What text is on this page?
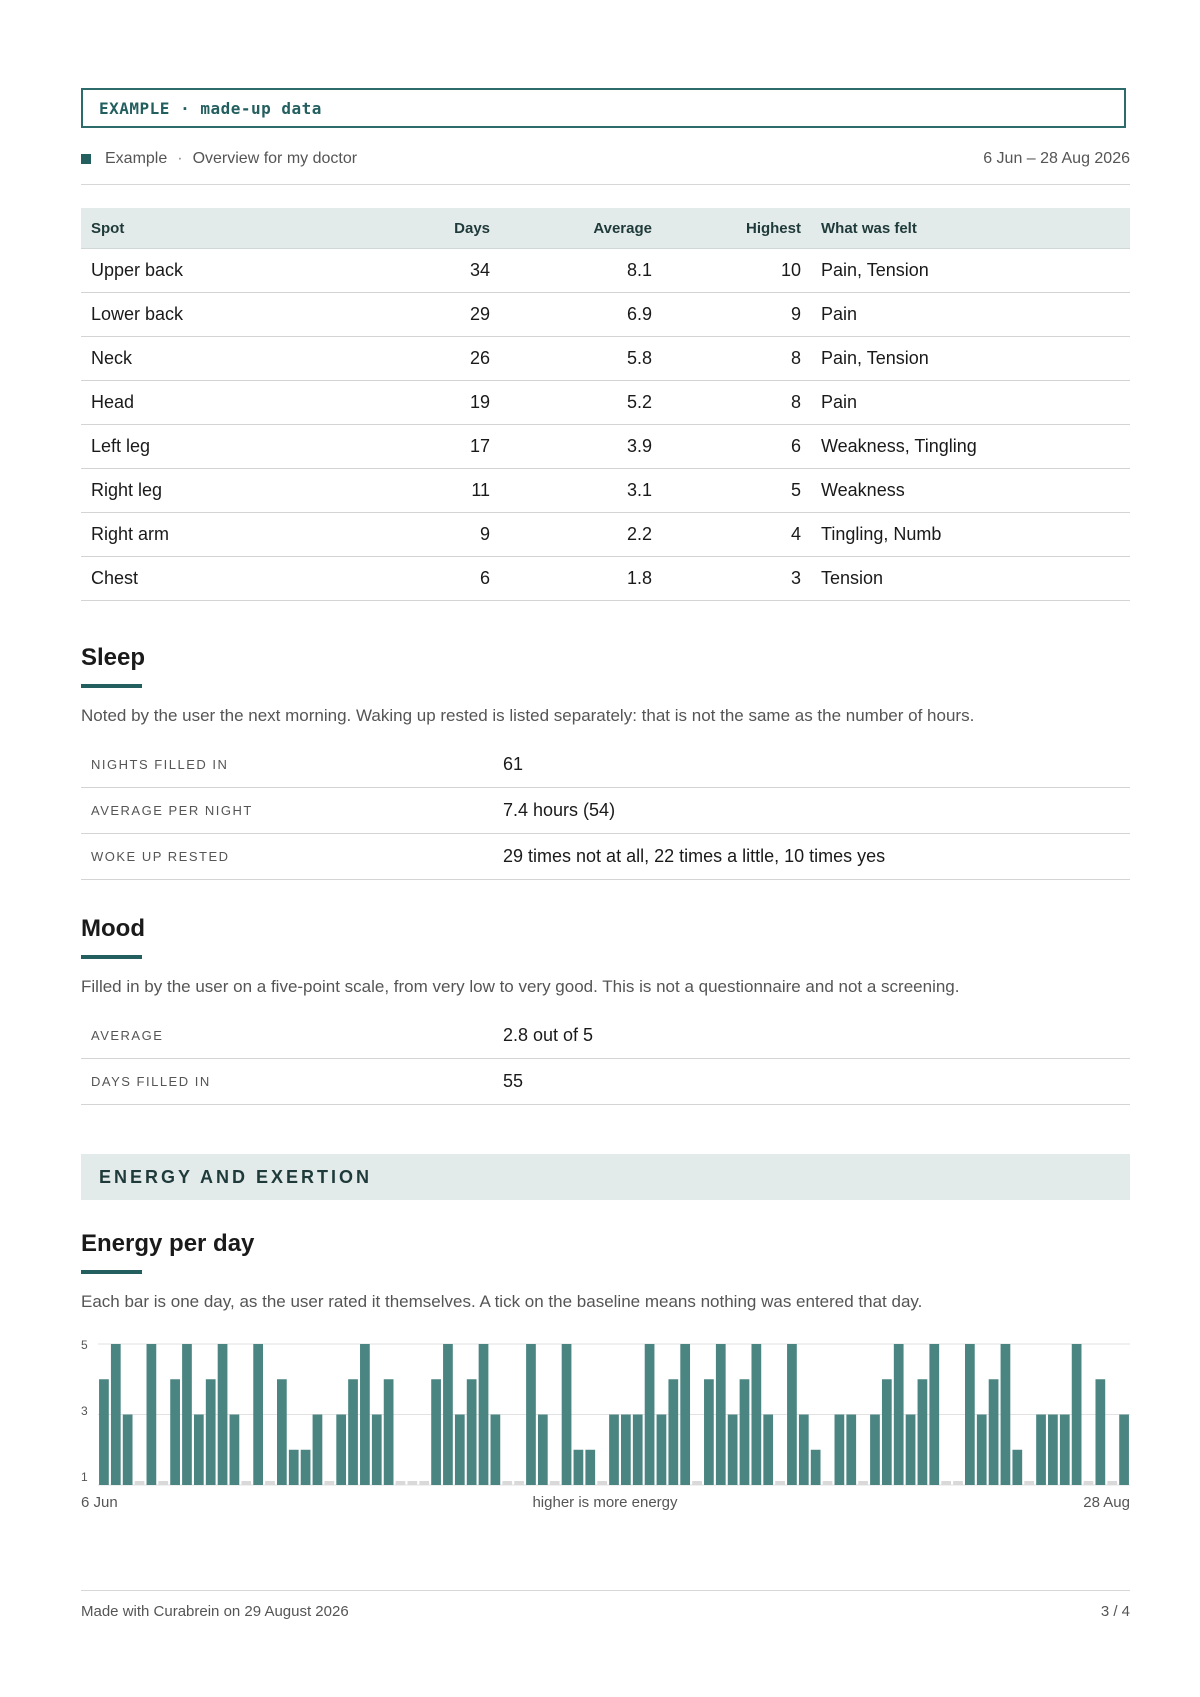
EXAMPLE · made-up data
Example · Overview for my doctor	6 Jun – 28 Aug 2026
Spot	Days	Average	Highest	What was felt
Upper back	34	8.1	10	Pain, Tension
Lower back	29	6.9	9	Pain
Neck	26	5.8	8	Pain, Tension
Head	19	5.2	8	Pain
Left leg	17	3.9	6	Weakness, Tingling
Right leg	11	3.1	5	Weakness
Right arm	9	2.2	4	Tingling, Numb
Chest	6	1.8	3	Tension
Sleep
Noted by the user the next morning. Waking up rested is listed separately: that is not the same as the number of hours.
NIGHTS FILLED IN	61
AVERAGE PER NIGHT	7.4 hours (54)
WOKE UP RESTED	29 times not at all, 22 times a little, 10 times yes
Mood
Filled in by the user on a five-point scale, from very low to very good. This is not a questionnaire and not a screening.
AVERAGE	2.8 out of 5
DAYS FILLED IN	55
ENERGY AND EXERTION
Energy per day
Each bar is one day, as the user rated it themselves. A tick on the baseline means nothing was entered that day.
5
3
1
6 Jun	higher is more energy	28 Aug
Made with Curabrein on 29 August 2026	3 / 4
